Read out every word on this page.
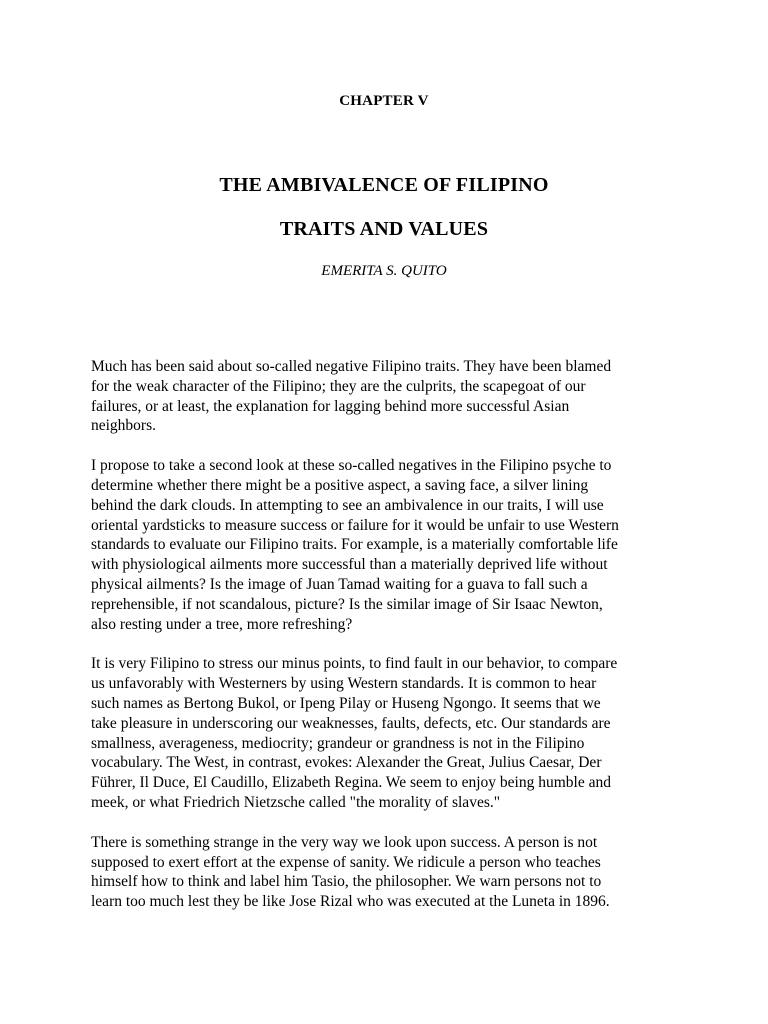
CHAPTER V
THE AMBIVALENCE OF FILIPINO
TRAITS AND VALUES
EMERITA S. QUITO

Much has been said about so-called negative Filipino traits. They have been blamed
for the weak character of the Filipino; they are the culprits, the scapegoat of our
failures, or at least, the explanation for lagging behind more successful Asian
neighbors.

I propose to take a second look at these so-called negatives in the Filipino psyche to
determine whether there might be a positive aspect, a saving face, a silver lining
behind the dark clouds. In attempting to see an ambivalence in our traits, I will use
oriental yardsticks to measure success or failure for it would be unfair to use Western
standards to evaluate our Filipino traits. For example, is a materially comfortable life
with physiological ailments more successful than a materially deprived life without
physical ailments? Is the image of Juan Tamad waiting for a guava to fall such a
reprehensible, if not scandalous, picture? Is the similar image of Sir Isaac Newton,
also resting under a tree, more refreshing?

It is very Filipino to stress our minus points, to find fault in our behavior, to compare
us unfavorably with Westerners by using Western standards. It is common to hear
such names as Bertong Bukol, or Ipeng Pilay or Huseng Ngongo. It seems that we
take pleasure in underscoring our weaknesses, faults, defects, etc. Our standards are
smallness, averageness, mediocrity; grandeur or grandness is not in the Filipino
vocabulary. The West, in contrast, evokes: Alexander the Great, Julius Caesar, Der
Führer, Il Duce, El Caudillo, Elizabeth Regina. We seem to enjoy being humble and
meek, or what Friedrich Nietzsche called "the morality of slaves."

There is something strange in the very way we look upon success. A person is not
supposed to exert effort at the expense of sanity. We ridicule a person who teaches
himself how to think and label him Tasio, the philosopher. We warn persons not to
learn too much lest they be like Jose Rizal who was executed at the Luneta in 1896.
